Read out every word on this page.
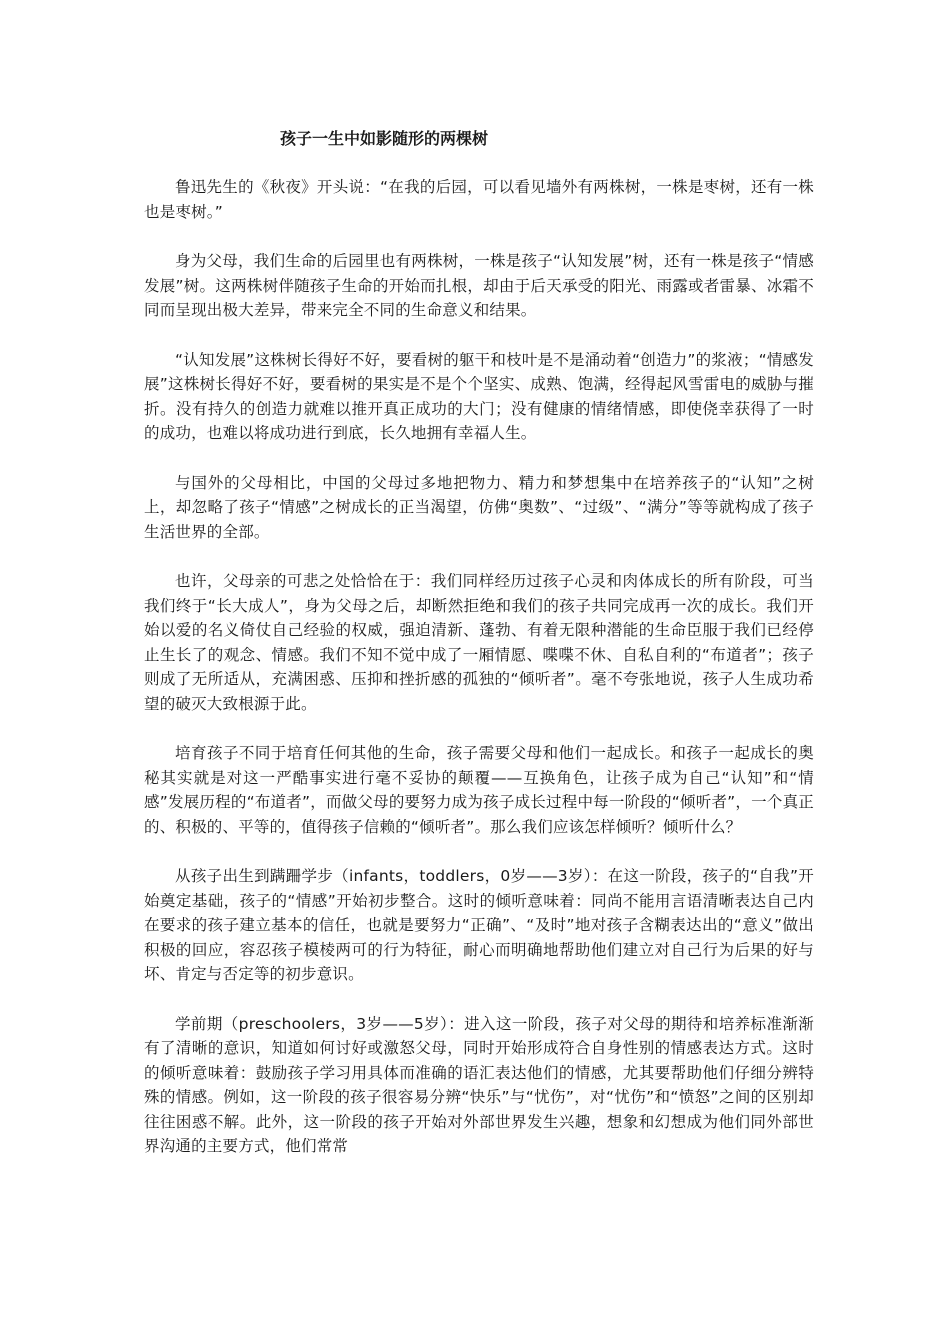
孩子一生中如影随形的两棵树

鲁迅先生的《秋夜》开头说：“在我的后园，可以看见墙外有两株树，一株是枣树，还有一株也是枣树。”

身为父母，我们生命的后园里也有两株树，一株是孩子“认知发展”树，还有一株是孩子“情感发展”树。这两株树伴随孩子生命的开始而扎根，却由于后天承受的阳光、雨露或者雷暴、冰霜不同而呈现出极大差异，带来完全不同的生命意义和结果。

“认知发展”这株树长得好不好，要看树的躯干和枝叶是不是涌动着“创造力”的浆液；“情感发展”这株树长得好不好，要看树的果实是不是个个坚实、成熟、饱满，经得起风雪雷电的威胁与摧折。没有持久的创造力就难以推开真正成功的大门；没有健康的情绪情感，即使侥幸获得了一时的成功，也难以将成功进行到底，长久地拥有幸福人生。

与国外的父母相比，中国的父母过多地把物力、精力和梦想集中在培养孩子的“认知”之树上，却忽略了孩子“情感”之树成长的正当渴望，仿佛“奥数”、“过级”、“满分”等等就构成了孩子生活世界的全部。

也许，父母亲的可悲之处恰恰在于：我们同样经历过孩子心灵和肉体成长的所有阶段，可当我们终于“长大成人”，身为父母之后，却断然拒绝和我们的孩子共同完成再一次的成长。我们开始以爱的名义倚仗自己经验的权威，强迫清新、蓬勃、有着无限种潜能的生命臣服于我们已经停止生长了的观念、情感。我们不知不觉中成了一厢情愿、喋喋不休、自私自利的“布道者”；孩子则成了无所适从，充满困惑、压抑和挫折感的孤独的“倾听者”。毫不夸张地说，孩子人生成功希望的破灭大致根源于此。

培育孩子不同于培育任何其他的生命，孩子需要父母和他们一起成长。和孩子一起成长的奥秘其实就是对这一严酷事实进行毫不妥协的颠覆——互换角色，让孩子成为自己“认知”和“情感”发展历程的“布道者”，而做父母的要努力成为孩子成长过程中每一阶段的“倾听者”，一个真正的、积极的、平等的，值得孩子信赖的“倾听者”。那么我们应该怎样倾听？倾听什么？

从孩子出生到蹒跚学步（infants，toddlers，0岁——3岁）：在这一阶段，孩子的“自我”开始奠定基础，孩子的“情感”开始初步整合。这时的倾听意味着：同尚不能用言语清晰表达自己内在要求的孩子建立基本的信任，也就是要努力“正确”、“及时”地对孩子含糊表达出的“意义”做出积极的回应，容忍孩子模棱两可的行为特征，耐心而明确地帮助他们建立对自己行为后果的好与坏、肯定与否定等的初步意识。

学前期（preschoolers，3岁——5岁）：进入这一阶段，孩子对父母的期待和培养标准渐渐有了清晰的意识，知道如何讨好或激怒父母，同时开始形成符合自身性别的情感表达方式。这时的倾听意味着：鼓励孩子学习用具体而准确的语汇表达他们的情感，尤其要帮助他们仔细分辨特殊的情感。例如，这一阶段的孩子很容易分辨“快乐”与“忧伤”，对“忧伤”和“愤怒”之间的区别却往往困惑不解。此外，这一阶段的孩子开始对外部世界发生兴趣，想象和幻想成为他们同外部世界沟通的主要方式，他们常常
